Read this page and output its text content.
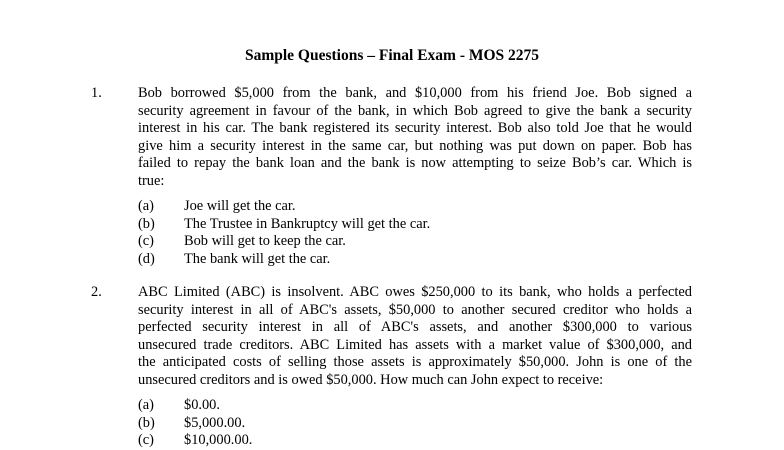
Sample Questions – Final Exam - MOS 2275
1.	Bob borrowed $5,000 from the bank, and $10,000 from his friend Joe. Bob signed a
security agreement in favour of the bank, in which Bob agreed to give the bank a security
interest in his car. The bank registered its security interest. Bob also told Joe that he would
give him a security interest in the same car, but nothing was put down on paper. Bob has
failed to repay the bank loan and the bank is now attempting to seize Bob’s car. Which is
true:
(a) Joe will get the car.
(b) The Trustee in Bankruptcy will get the car.
(c) Bob will get to keep the car.
(d) The bank will get the car.
2.	ABC Limited (ABC) is insolvent. ABC owes $250,000 to its bank, who holds a perfected
security interest in all of ABC's assets, $50,000 to another secured creditor who holds a
perfected security interest in all of ABC's assets, and another $300,000 to various
unsecured trade creditors. ABC Limited has assets with a market value of $300,000, and
the anticipated costs of selling those assets is approximately $50,000. John is one of the
unsecured creditors and is owed $50,000. How much can John expect to receive:
(a) $0.00.
(b) $5,000.00.
(c) $10,000.00.
